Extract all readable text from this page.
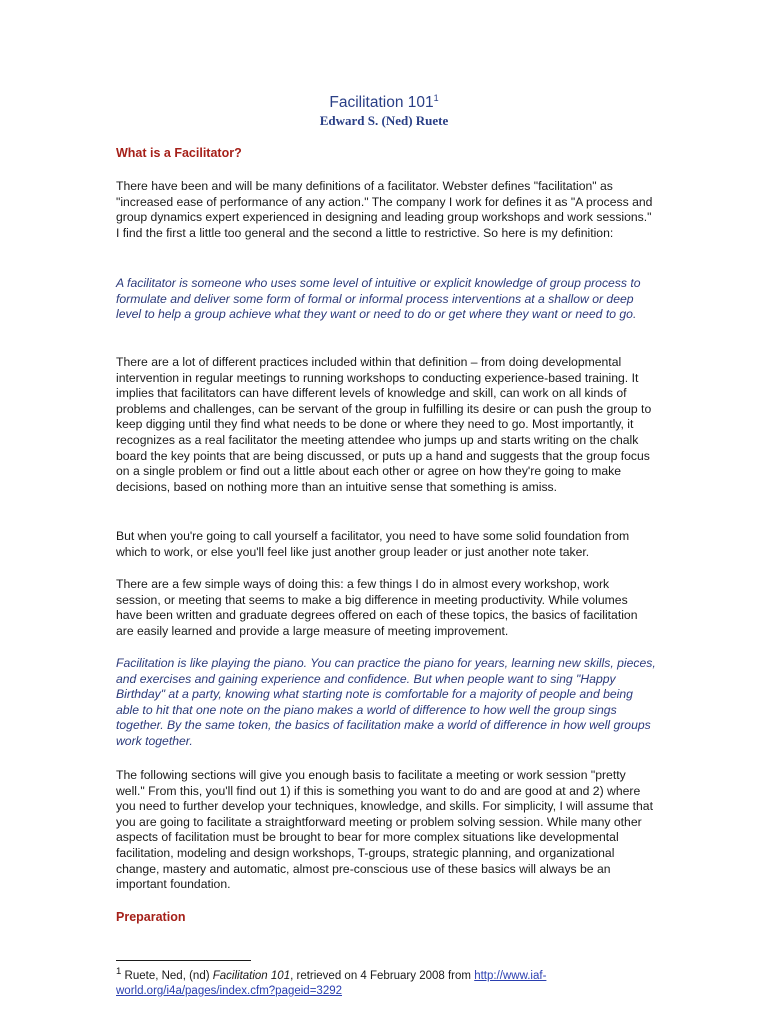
Facilitation $101^1$
Edward S. (Ned) Ruete
What is a Facilitator?

There have been and will be many definitions of a facilitator. Webster defines "facilitation" as "increased ease of performance of any action." The company I work for defines it as "A process and group dynamics expert experienced in designing and leading group workshops and work sessions." I find the first a little too general and the second a little to restrictive. So here is my definition:

A facilitator is someone who uses some level of intuitive or explicit knowledge of group process to formulate and deliver some form of formal or informal process interventions at a shallow or deep level to help a group achieve what they want or need to do or get where they want or need to go.

There are a lot of different practices included within that definition – from doing developmental intervention in regular meetings to running workshops to conducting experience-based training. It implies that facilitators can have different levels of knowledge and skill, can work on all kinds of problems and challenges, can be servant of the group in fulfilling its desire or can push the group to keep digging until they find what needs to be done or where they need to go. Most importantly, it recognizes as a real facilitator the meeting attendee who jumps up and starts writing on the chalk board the key points that are being discussed, or puts up a hand and suggests that the group focus on a single problem or find out a little about each other or agree on how they're going to make decisions, based on nothing more than an intuitive sense that something is amiss.

But when you're going to call yourself a facilitator, you need to have some solid foundation from which to work, or else you'll feel like just another group leader or just another note taker.

There are a few simple ways of doing this: a few things I do in almost every workshop, work session, or meeting that seems to make a big difference in meeting productivity. While volumes have been written and graduate degrees offered on each of these topics, the basics of facilitation are easily learned and provide a large measure of meeting improvement.

Facilitation is like playing the piano. You can practice the piano for years, learning new skills, pieces, and exercises and gaining experience and confidence. But when people want to sing "Happy Birthday" at a party, knowing what starting note is comfortable for a majority of people and being able to hit that one note on the piano makes a world of difference to how well the group sings together. By the same token, the basics of facilitation make a world of difference in how well groups work together.

The following sections will give you enough basis to facilitate a meeting or work session "pretty well." From this, you'll find out 1) if this is something you want to do and are good at and 2) where you need to further develop your techniques, knowledge, and skills. For simplicity, I will assume that you are going to facilitate a straightforward meeting or problem solving session. While many other aspects of facilitation must be brought to bear for more complex situations like developmental facilitation, modeling and design workshops, T-groups, strategic planning, and organizational change, mastery and automatic, almost pre-conscious use of these basics will always be an important foundation.

Preparation

$^1$ Ruete, Ned, (nd) Facilitation 101, retrieved on 4 February 2008 from http://www.iaf-world.org/i4a/pages/index.cfm?pageid=3292
